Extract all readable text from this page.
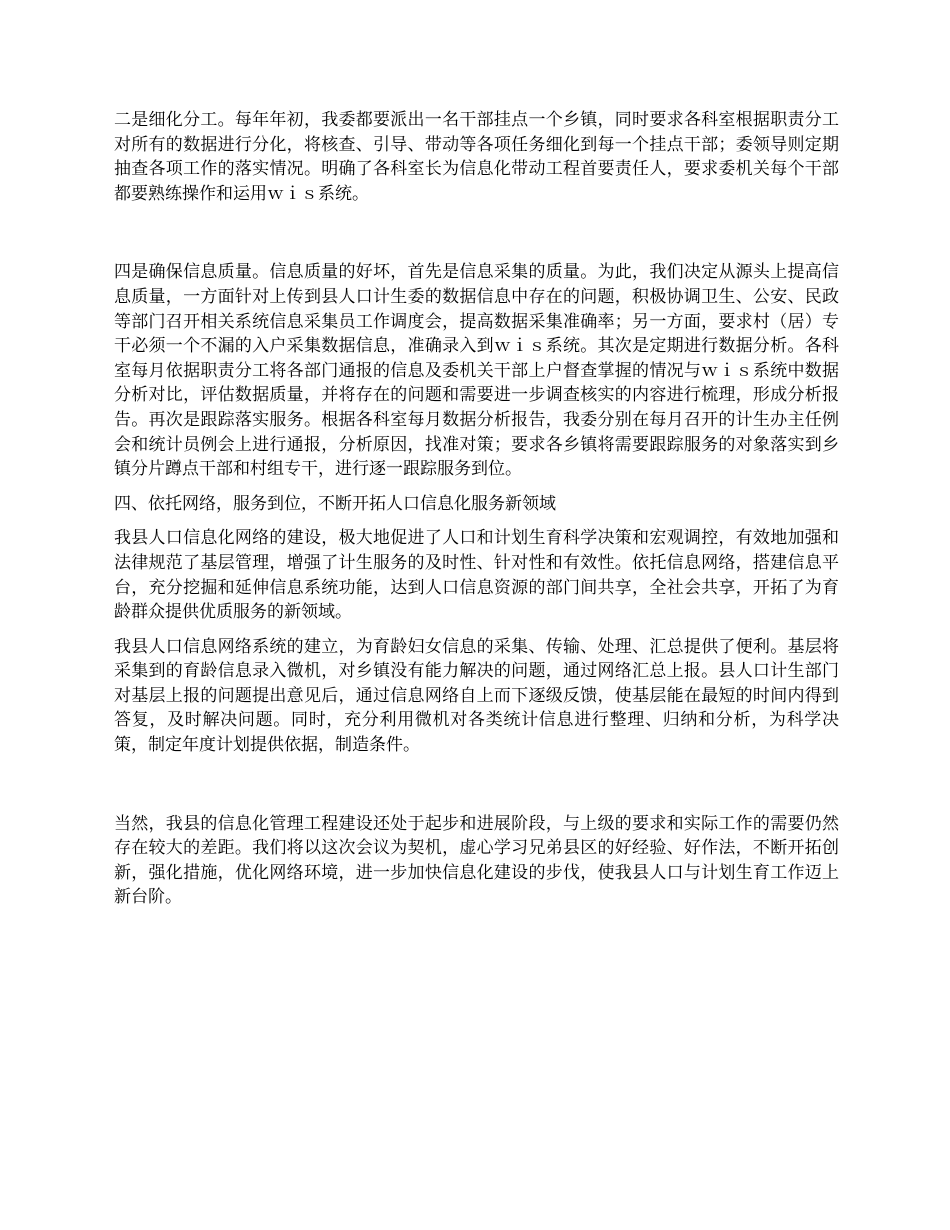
二是细化分工。每年年初，我委都要派出一名干部挂点一个乡镇，同时要求各科室根据职责分工对所有的数据进行分化，将核查、引导、带动等各项任务细化到每一个挂点干部；委领导则定期抽查各项工作的落实情况。明确了各科室长为信息化带动工程首要责任人，要求委机关每个干部都要熟练操作和运用ｗｉｓ系统。

四是确保信息质量。信息质量的好坏，首先是信息采集的质量。为此，我们决定从源头上提高信息质量，一方面针对上传到县人口计生委的数据信息中存在的问题，积极协调卫生、公安、民政等部门召开相关系统信息采集员工作调度会，提高数据采集准确率；另一方面，要求村（居）专干必须一个不漏的入户采集数据信息，准确录入到ｗｉｓ系统。其次是定期进行数据分析。各科室每月依据职责分工将各部门通报的信息及委机关干部上户督查掌握的情况与ｗｉｓ系统中数据分析对比，评估数据质量，并将存在的问题和需要进一步调查核实的内容进行梳理，形成分析报告。再次是跟踪落实服务。根据各科室每月数据分析报告，我委分别在每月召开的计生办主任例会和统计员例会上进行通报，分析原因，找准对策；要求各乡镇将需要跟踪服务的对象落实到乡镇分片蹲点干部和村组专干，进行逐一跟踪服务到位。

四、依托网络，服务到位，不断开拓人口信息化服务新领域

我县人口信息化网络的建设，极大地促进了人口和计划生育科学决策和宏观调控，有效地加强和法律规范了基层管理，增强了计生服务的及时性、针对性和有效性。依托信息网络，搭建信息平台，充分挖掘和延伸信息系统功能，达到人口信息资源的部门间共享，全社会共享，开拓了为育龄群众提供优质服务的新领域。

我县人口信息网络系统的建立，为育龄妇女信息的采集、传输、处理、汇总提供了便利。基层将采集到的育龄信息录入微机，对乡镇没有能力解决的问题，通过网络汇总上报。县人口计生部门对基层上报的问题提出意见后，通过信息网络自上而下逐级反馈，使基层能在最短的时间内得到答复，及时解决问题。同时，充分利用微机对各类统计信息进行整理、归纳和分析，为科学决策，制定年度计划提供依据，制造条件。

当然，我县的信息化管理工程建设还处于起步和进展阶段，与上级的要求和实际工作的需要仍然存在较大的差距。我们将以这次会议为契机，虚心学习兄弟县区的好经验、好作法，不断开拓创新，强化措施，优化网络环境，进一步加快信息化建设的步伐，使我县人口与计划生育工作迈上新台阶。
